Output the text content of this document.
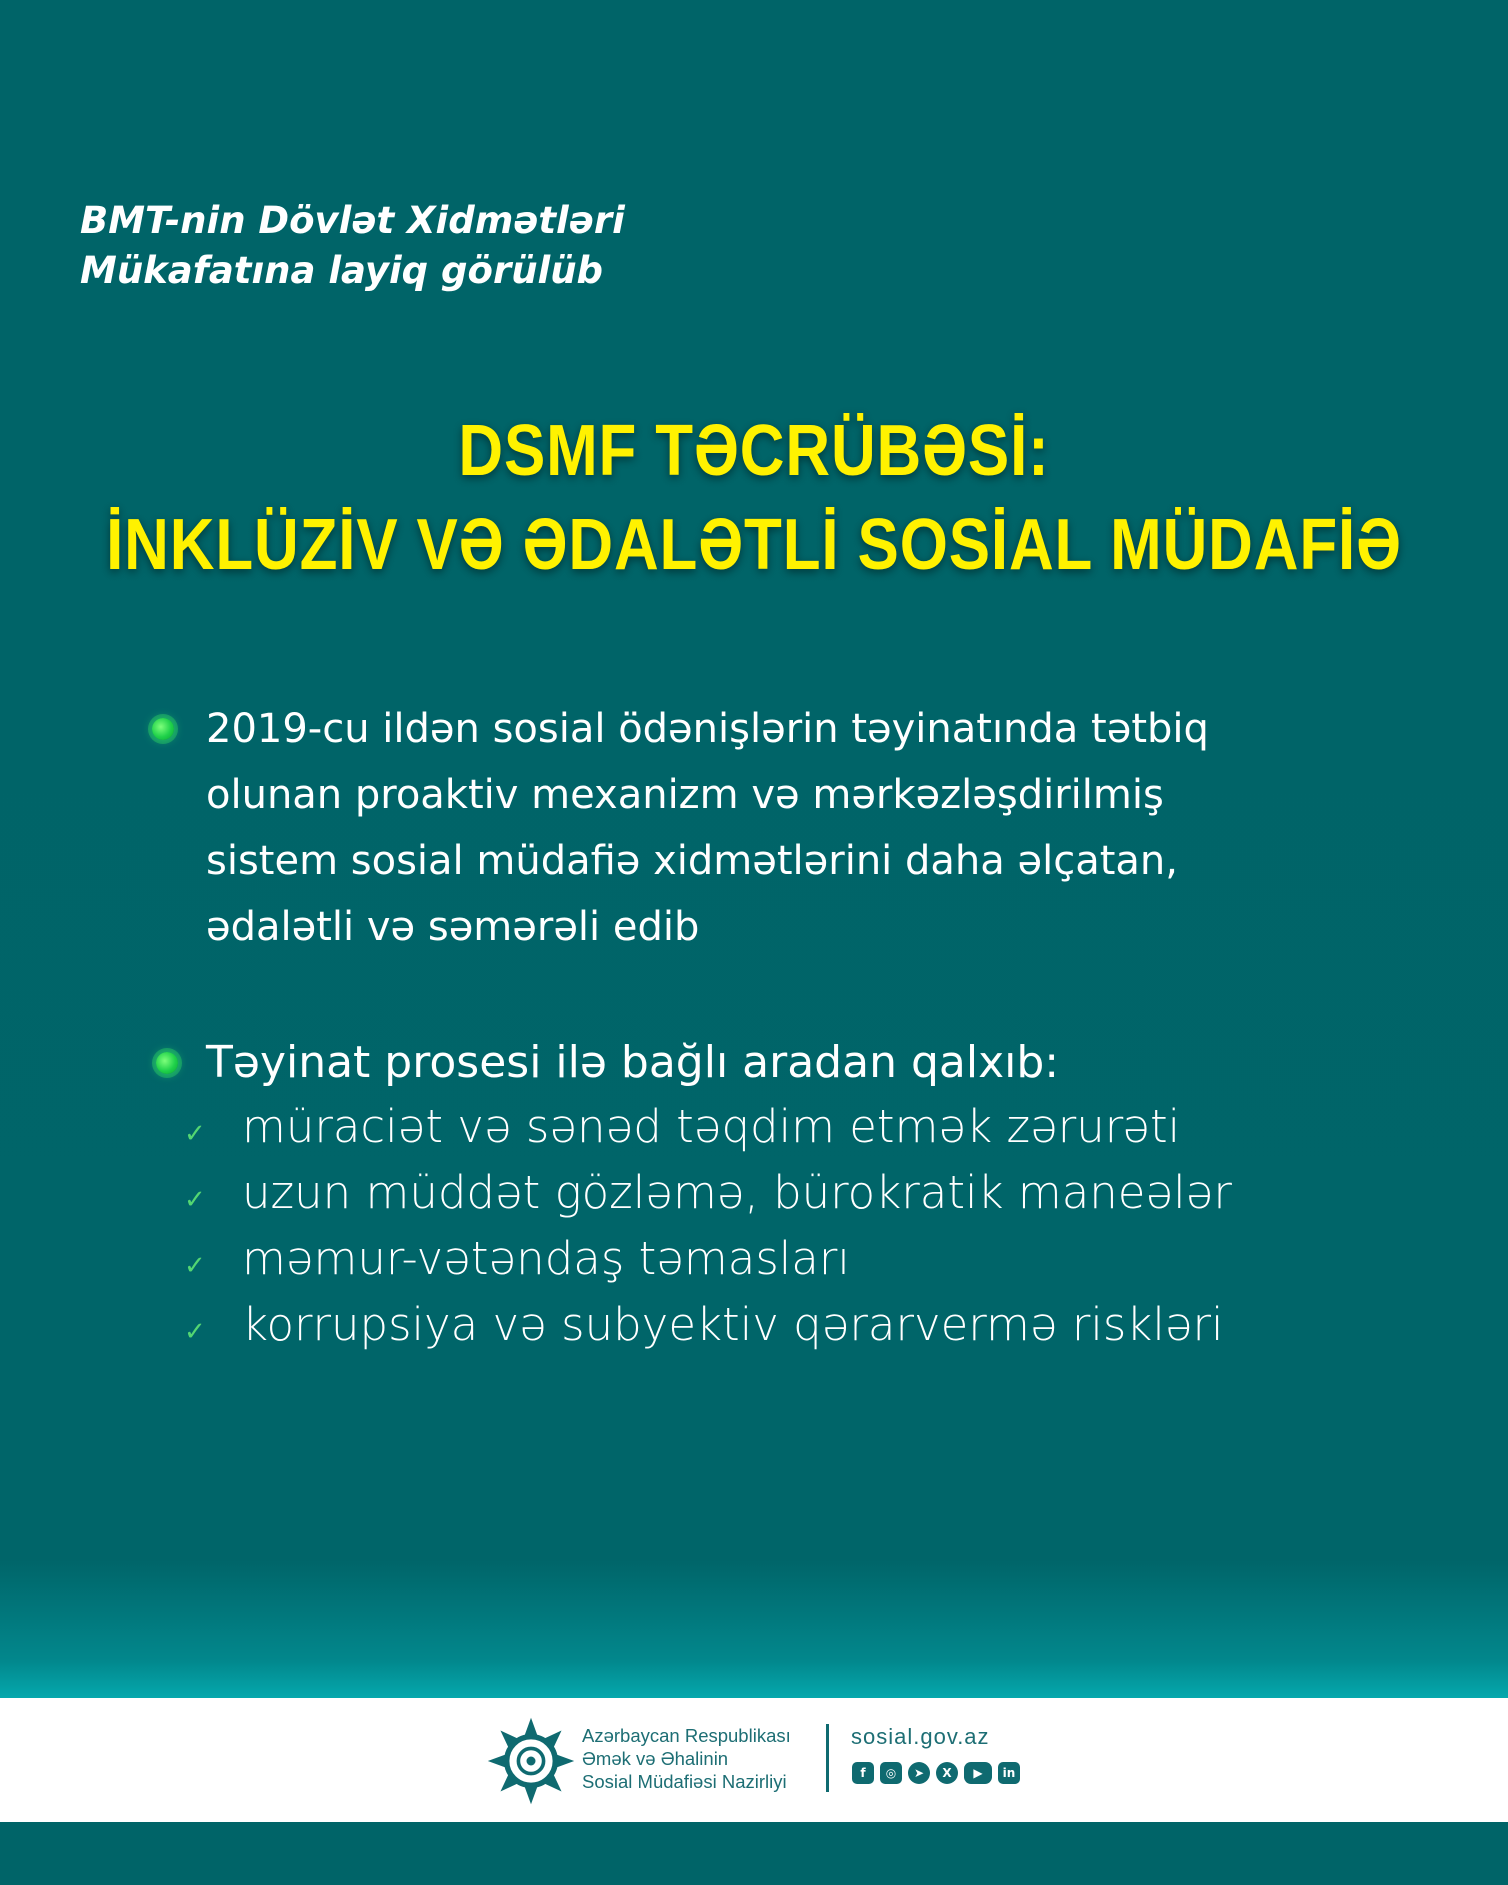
BMT-nin Dövlət Xidmətləri
Mükafatına layiq görülüb
DSMF TƏCRÜBƏSİ:
İNKLÜZİV VƏ ƏDALƏTLİ SOSİAL MÜDAFİƏ
2019-cu ildən sosial ödənişlərin təyinatında tətbiq
olunan proaktiv mexanizm və mərkəzləşdirilmiş
sistem sosial müdafiə xidmətlərini daha əlçatan,
ədalətli və səmərəli edib
Təyinat prosesi ilə bağlı aradan qalxıb:
✓ müraciət və sənəd təqdim etmək zərurəti
✓ uzun müddət gözləmə, bürokratik maneələr
✓ məmur-vətəndaş təmasları
✓ korrupsiya və subyektiv qərarvermə riskləri
Azərbaycan Respublikası
Əmək və Əhalinin
Sosial Müdafiəsi Nazirliyi
sosial.gov.az
f	◎	➤	X	▶	in
